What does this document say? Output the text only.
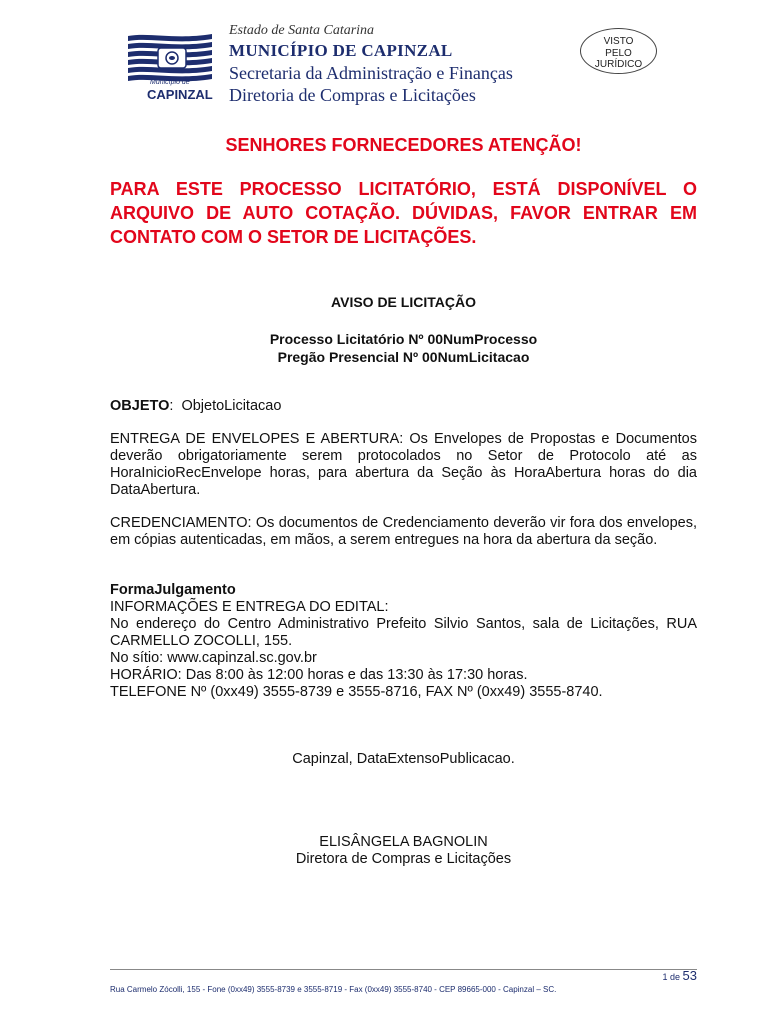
Município de
CAPINZAL
Estado de Santa Catarina
MUNICÍPIO DE CAPINZAL
Secretaria da Administração e Finanças
Diretoria de Compras e Licitações
VISTO
PELO
JURÍDICO
SENHORES FORNECEDORES ATENÇÃO!
PARA ESTE PROCESSO LICITATÓRIO, ESTÁ DISPONÍVEL O ARQUIVO DE AUTO COTAÇÃO. DÚVIDAS, FAVOR ENTRAR EM CONTATO COM O SETOR DE LICITAÇÕES.
AVISO DE LICITAÇÃO
Processo Licitatório Nº 00NumProcesso
Pregão Presencial Nº 00NumLicitacao
OBJETO:  ObjetoLicitacao
ENTREGA DE ENVELOPES E ABERTURA: Os Envelopes de Propostas e Documentos deverão obrigatoriamente serem protocolados no Setor de Protocolo até as HoraInicioRecEnvelope horas, para abertura da Seção às HoraAbertura horas do dia DataAbertura.
CREDENCIAMENTO: Os documentos de Credenciamento deverão vir fora dos envelopes, em cópias autenticadas, em mãos, a serem entregues na hora da abertura da seção.
FormaJulgamento
INFORMAÇÕES E ENTREGA DO EDITAL:
No endereço do Centro Administrativo Prefeito Silvio Santos, sala de Licitações, RUA CARMELLO ZOCOLLI, 155.
No sítio: www.capinzal.sc.gov.br
HORÁRIO: Das 8:00 às 12:00 horas e das 13:30 às 17:30 horas.
TELEFONE Nº (0xx49) 3555-8739 e 3555-8716, FAX Nº (0xx49) 3555-8740.
Capinzal, DataExtensoPublicacao.
ELISÂNGELA BAGNOLIN
Diretora de Compras e Licitações
1 de 53
Rua Carmelo Zócolli, 155 - Fone (0xx49) 3555-8739 e 3555-8719 - Fax (0xx49) 3555-8740 - CEP 89665-000 - Capinzal – SC.
